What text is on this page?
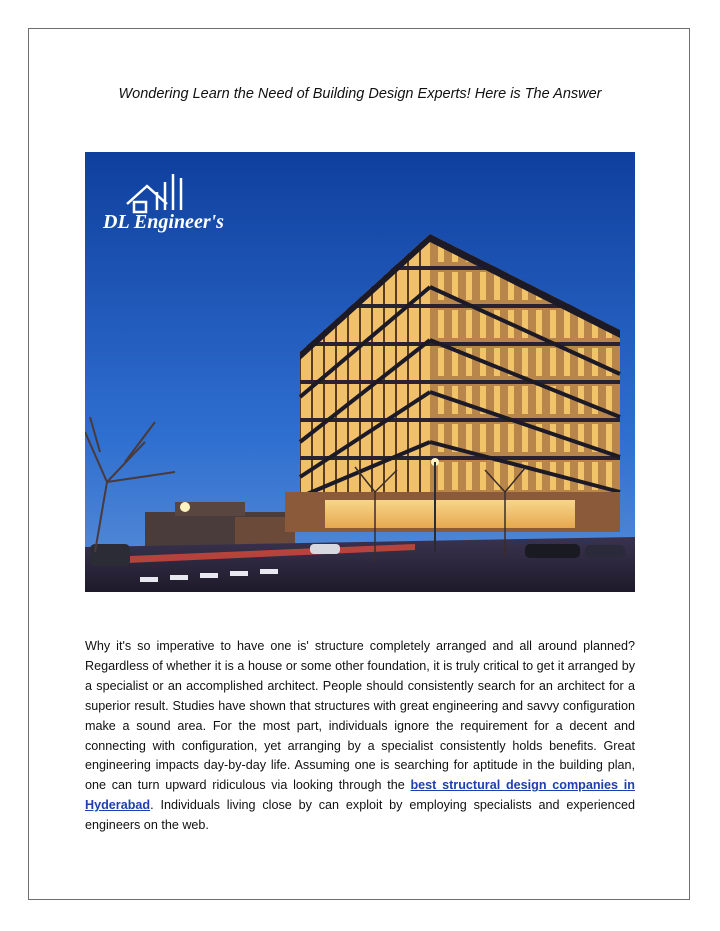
Wondering Learn the Need of Building Design Experts! Here is The Answer
DL Engineer's

Why it's so imperative to have one is' structure completely arranged and all around planned? Regardless of whether it is a house or some other foundation, it is truly critical to get it arranged by a specialist or an accomplished architect. People should consistently search for an architect for a superior result. Studies have shown that structures with great engineering and savvy configuration make a sound area. For the most part, individuals ignore the requirement for a decent and connecting with configuration, yet arranging by a specialist consistently holds benefits. Great engineering impacts day-by-day life. Assuming one is searching for aptitude in the building plan, one can turn upward ridiculous via looking through the best structural design companies in Hyderabad. Individuals living close by can exploit by employing specialists and experienced engineers on the web.
